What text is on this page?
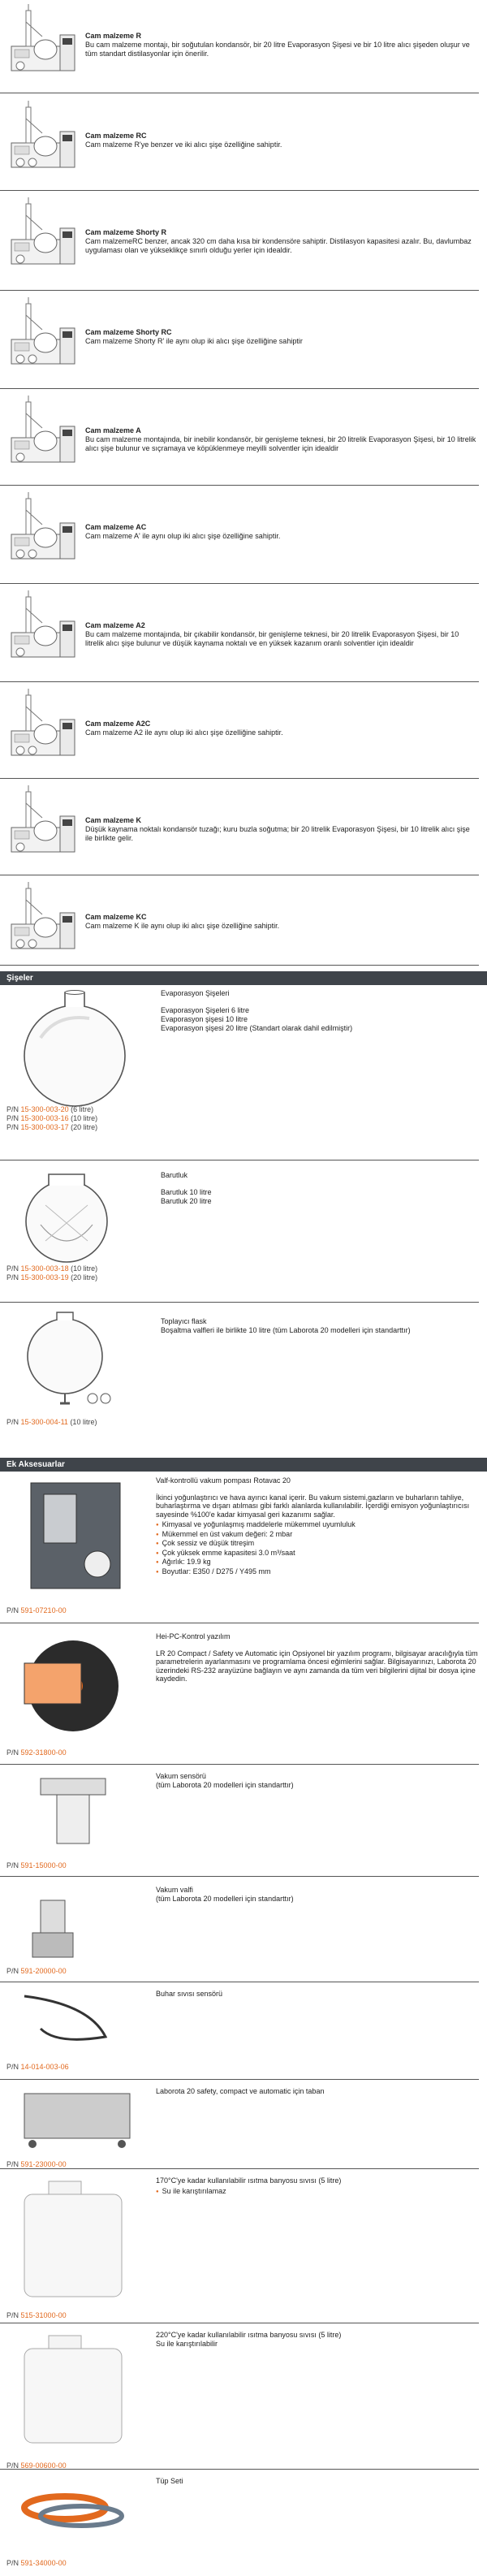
Cam malzeme R
Bu cam malzeme montajı, bir soğutulan kondansör, bir 20 litre Evaporasyon Şişesi ve bir 10 litre alıcı şişeden oluşur ve tüm standart distilasyonlar için önerilir.
Cam malzeme RC
Cam malzeme R'ye benzer ve iki alıcı şişe özelliğine sahiptir.
Cam malzeme Shorty R
Cam malzemeRC benzer, ancak 320 cm daha kısa bir kondensöre sahiptir. Distilasyon kapasitesi azalır. Bu, davlumbaz uygulaması olan ve yükseklikçe sınırlı olduğu yerler için idealdir.
Cam malzeme Shorty RC
Cam malzeme Shorty R' ile aynı olup iki alıcı şişe özelliğine sahiptir
Cam malzeme A
Bu cam malzeme montajında, bir inebilir kondansör, bir genişleme teknesi, bir 20 litrelik Evaporasyon Şişesi, bir 10 litrelik alıcı şişe bulunur ve sıçramaya ve köpüklenmeye meyilli solventler için idealdir
Cam malzeme AC
Cam malzeme A' ile aynı olup iki alıcı şişe özelliğine sahiptir.
Cam malzeme A2
Bu cam malzeme montajında, bir çıkabilir kondansör, bir genişleme teknesi, bir 20 litrelik Evaporasyon Şişesi, bir 10 litrelik alıcı şişe bulunur ve düşük kaynama noktalı ve en yüksek kazanım oranlı solventler için idealdir
Cam malzeme A2C
Cam malzeme A2 ile aynı olup iki alıcı şişe özelliğine sahiptir.
Cam malzeme K
Düşük kaynama noktalı kondansör tuzağı; kuru buzla soğutma; bir 20 litrelik Evaporasyon Şişesi, bir 10 litrelik alıcı şişe ile birlikte gelir.
Cam malzeme KC
Cam malzeme K ile aynı olup iki alıcı şişe özelliğine sahiptir.
Şişeler
Evaporasyon Şişeleri
Evaporasyon Şişeleri 6 litre
Evaporasyon şişesi 10 litre
Evaporasyon şişesi 20 litre (Standart olarak dahil edilmiştir)
P/N 15-300-003-20 (6 litre)
P/N 15-300-003-16 (10 litre)
P/N 15-300-003-17 (20 litre)
Barutluk
Barutluk 10 litre
Barutluk 20 litre
P/N 15-300-003-18 (10 litre)
P/N 15-300-003-19 (20 litre)
Toplayıcı flask
Boşaltma valfleri ile birlikte 10 litre (tüm Laborota 20 modelleri için standarttır)
P/N 15-300-004-11 (10 litre)
Ek Aksesuarlar
Valf-kontrollü vakum pompası Rotavac 20
İkinci yoğunlaştırıcı ve hava ayırıcı kanal içerir. Bu vakum sistemi,gazların ve buharların tahliye, buharlaştırma ve dışarı atılması gibi farklı alanlarda kullanılabilir. İçerdiği emisyon yoğunlaştırıcısı sayesinde %100'e kadar kimyasal geri kazanımı sağlar.
● Kimyasal ve yoğunlaşmış maddelerle mükemmel uyumluluk
● Mükemmel en üst vakum değeri: 2 mbar
● Çok sessiz ve düşük titreşim
● Çok yüksek emme kapasitesi 3.0 m³/saat
● Ağırlık: 19.9 kg
● Boyutlar: E350 / D275 / Y495 mm
P/N 591-07210-00
Hei-PC-Kontrol yazılım
LR 20 Compact / Safety ve Automatic için Opsiyonel bir yazılım programı, bilgisayar aracılığıyla tüm parametrelerin ayarlanmasını ve programlama öncesi eğimlerini sağlar. Bilgisayarınızı, Laborota 20 üzerindeki RS-232 arayüzüne bağlayın ve aynı zamanda da tüm veri bilgilerini dijital bir dosya içine kaydedin.
P/N 592-31800-00
Vakum sensörü
(tüm Laborota 20 modelleri için standarttır)
P/N 591-15000-00
Vakum valfi
(tüm Laborota 20 modelleri için standarttır)
P/N 591-20000-00
Buhar sıvısı sensörü
P/N 14-014-003-06
Laborota 20 safety, compact ve automatic için taban
P/N 591-23000-00
170°C'ye kadar kullanılabilir ısıtma banyosu sıvısı (5 litre)
● Su ile karıştırılamaz
P/N 515-31000-00
220°C'ye kadar kullanılabilir ısıtma banyosu sıvısı (5 litre)
Su ile karıştırılabilir
P/N 569-00600-00
Tüp Seti
P/N 591-34000-00
